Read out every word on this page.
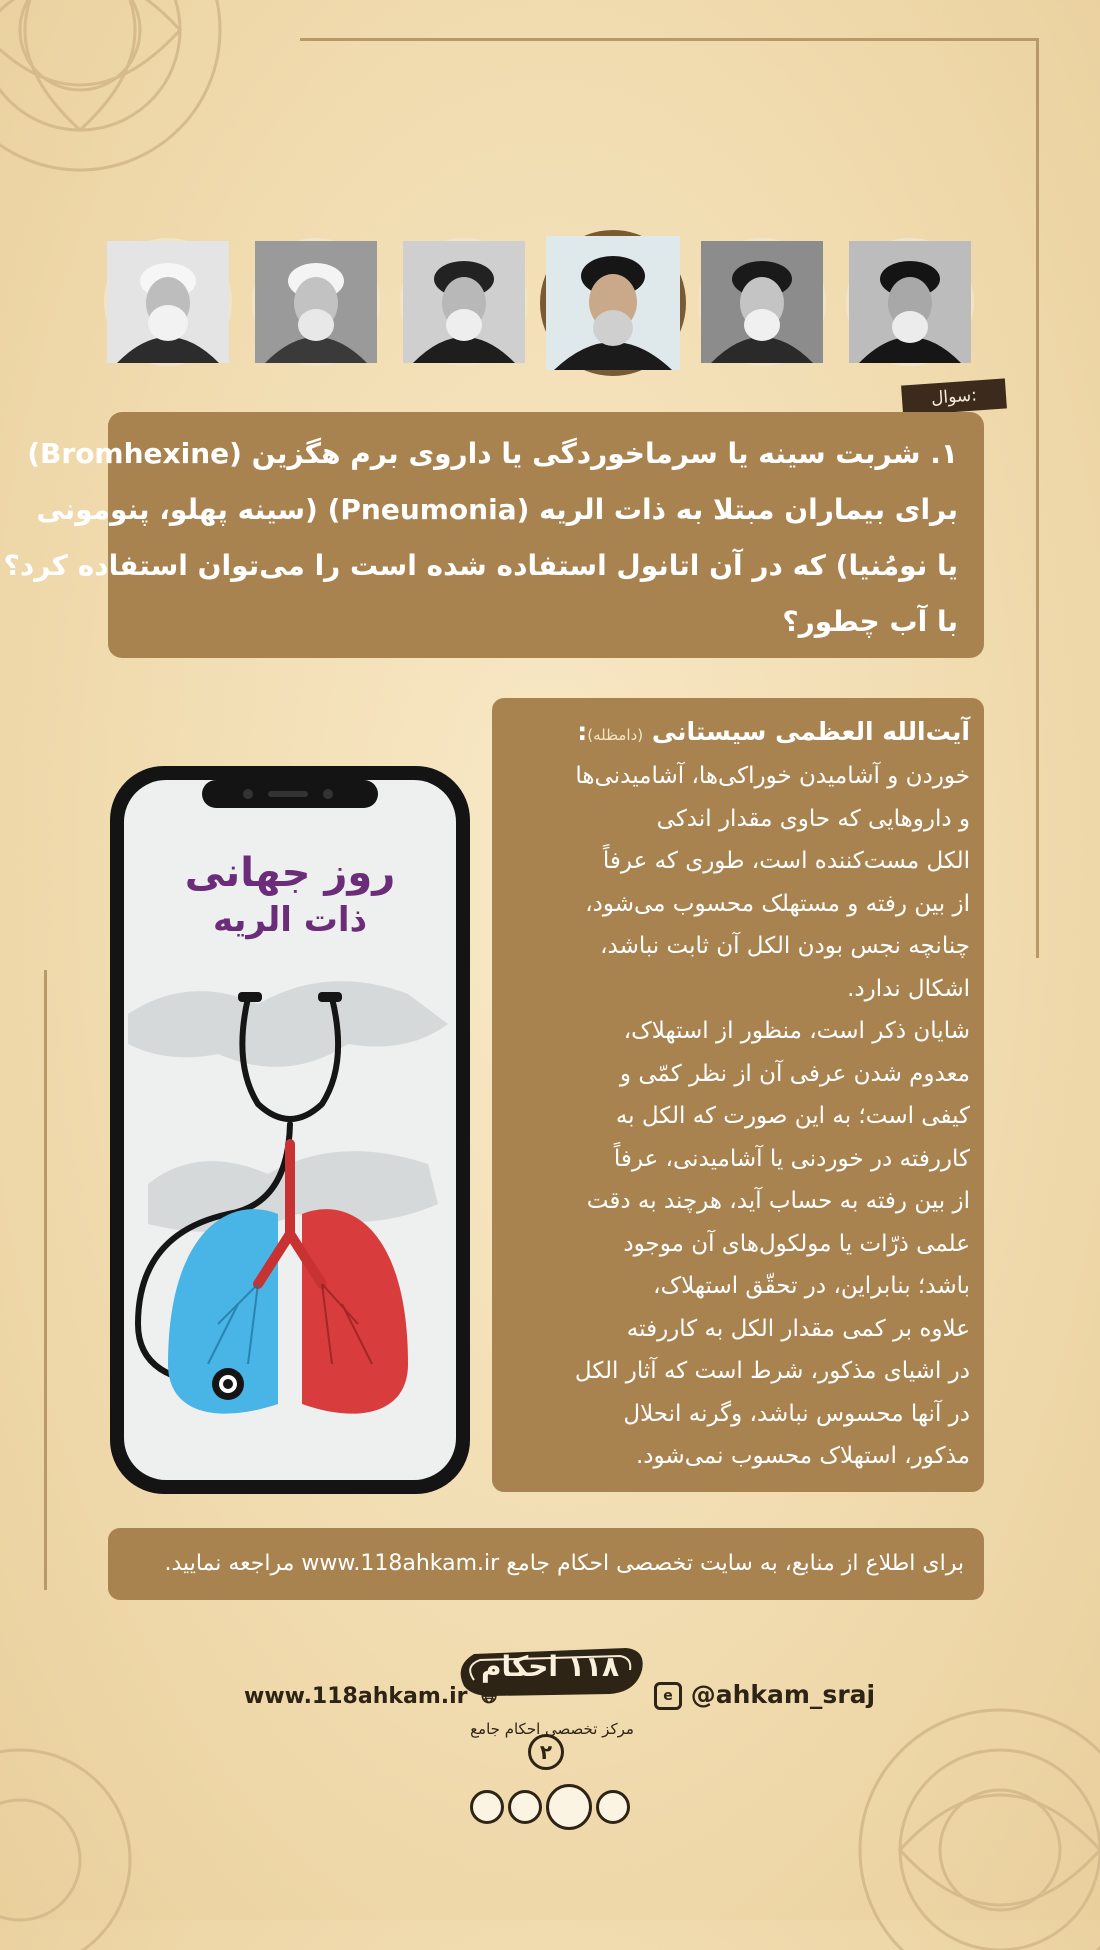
سوال:
۱. شربت سینه یا سرماخوردگی یا داروی برم هگزین (Bromhexine)
برای بیماران مبتلا به ذات الریه (Pneumonia) (سینه پهلو، پنومونی
یا نومُنیا) که در آن اتانول استفاده شده است را می‌توان استفاده کرد؟
با آب چطور؟
روز جهانی
ذات الریه
آیت‌الله العظمی سیستانی (دامظله):
خوردن و آشامیدن خوراکی‌ها، آشامیدنی‌ها
و داروهایی که حاوی مقدار اندکی
الکل مست‌کننده است، طوری که عرفاً
از بین رفته و مستهلک محسوب می‌شود،
چنانچه نجس بودن الکل آن ثابت نباشد،
اشکال ندارد.
شایان ذکر است، منظور از استهلاک،
معدوم شدن عرفی آن از نظر کمّی و
کیفی است؛ به این صورت که الکل به
کاررفته در خوردنی یا آشامیدنی، عرفاً
از بین رفته به حساب آید، هرچند به دقت
علمی ذرّات یا مولکول‌های آن موجود
باشد؛ بنابراین، در تحقّق استهلاک،
علاوه بر کمی مقدار الکل به کاررفته
در اشیای مذکور، شرط است که آثار الکل
در آنها محسوس نباشد، وگرنه انحلال
مذکور، استهلاک محسوب نمی‌شود.
برای اطلاع از منابع، به سایت تخصصی احکام جامع www.118ahkam.ir مراجعه نمایید.
۱۱۸ احکام
مرکز تخصصی احکام جامع
www.118ahkam.ir 🌐︎	e @ahkam_sraj
۲
